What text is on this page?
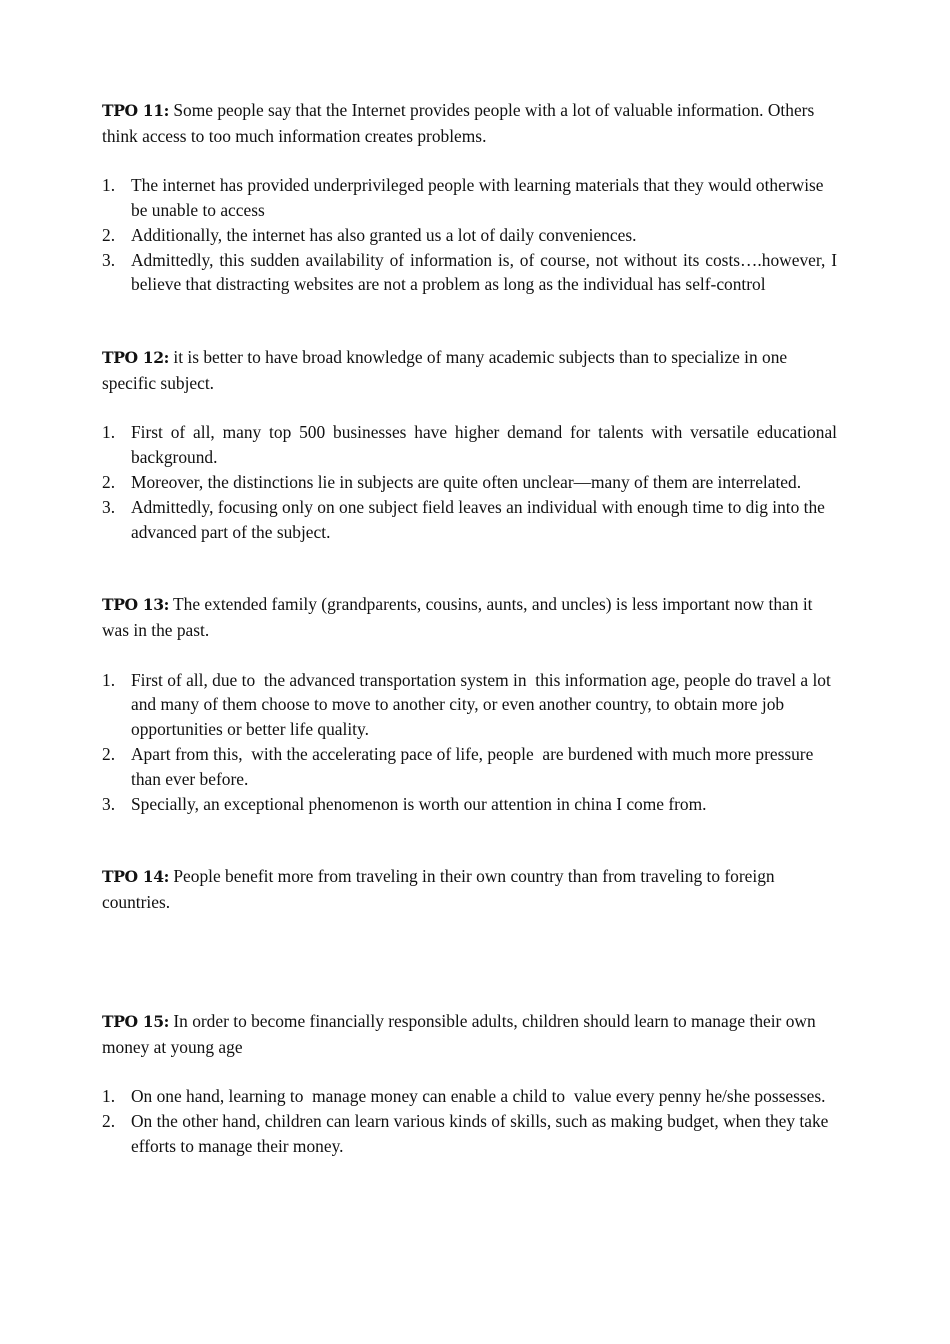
TPO 11: Some people say that the Internet provides people with a lot of valuable information. Others think access to too much information creates problems.

1. The internet has provided underprivileged people with learning materials that they would otherwise be unable to access
2. Additionally, the internet has also granted us a lot of daily conveniences.
3. Admittedly, this sudden availability of information is, of course, not without its costs….however, I believe that distracting websites are not a problem as long as the individual has self-control

TPO 12: it is better to have broad knowledge of many academic subjects than to specialize in one specific subject.

1. First of all, many top 500 businesses have higher demand for talents with versatile educational background.
2. Moreover, the distinctions lie in subjects are quite often unclear—many of them are interrelated.
3. Admittedly, focusing only on one subject field leaves an individual with enough time to dig into the advanced part of the subject.

TPO 13: The extended family (grandparents, cousins, aunts, and uncles) is less important now than it was in the past.

1. First of all, due to  the advanced transportation system in  this information age, people do travel a lot and many of them choose to move to another city, or even another country, to obtain more job opportunities or better life quality.
2. Apart from this,  with the accelerating pace of life, people  are burdened with much more pressure than ever before.
3. Specially, an exceptional phenomenon is worth our attention in china I come from.

TPO 14: People benefit more from traveling in their own country than from traveling to foreign countries.

TPO 15: In order to become financially responsible adults, children should learn to manage their own money at young age

1. On one hand, learning to  manage money can enable a child to  value every penny he/she possesses.
2. On the other hand, children can learn various kinds of skills, such as making budget, when they take efforts to manage their money.
